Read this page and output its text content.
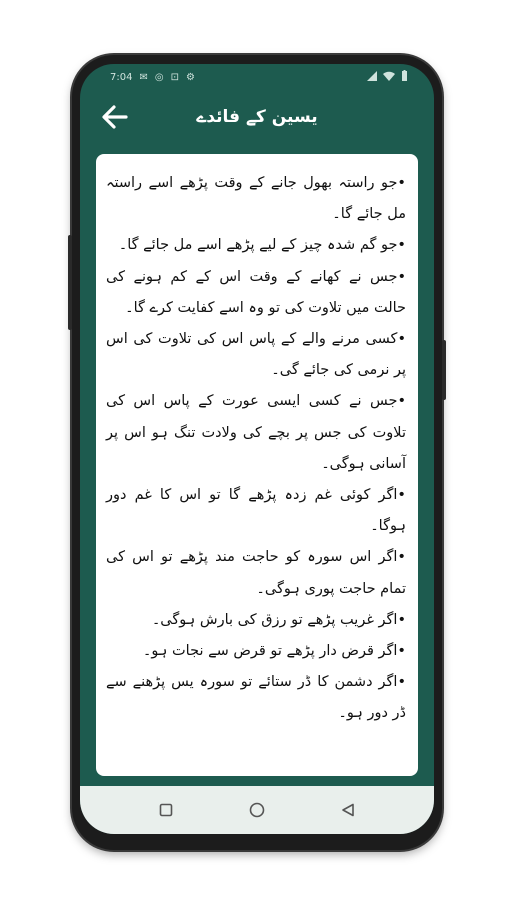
7:04 ✉ ◎ ⊡ ⚙
یسین کے فائدے

•جو راستہ بھول جانے کے وقت پڑھے اسے راستہ مل جائے گا۔

•جو گم شدہ چیز کے لیے پڑھے اسے مل جائے گا۔

•جس نے کھانے کے وقت اس کے کم ہونے کی حالت میں تلاوت کی تو وہ اسے کفایت کرے گا۔

•کسی مرنے والے کے پاس اس کی تلاوت کی اس پر نرمی کی جائے گی۔

•جس نے کسی ایسی عورت کے پاس اس کی تلاوت کی جس پر بچے کی ولادت تنگ ہو اس پر آسانی ہوگی۔

•اگر کوئی غم زدہ پڑھے گا تو اس کا غم دور ہوگا۔

•اگر اس سورہ کو حاجت مند پڑھے تو اس کی تمام حاجت پوری ہوگی۔

•اگر غریب پڑھے تو رزق کی بارش ہوگی۔

•اگر قرض دار پڑھے تو قرض سے نجات ہو۔

•اگر دشمن کا ڈر ستائے تو سورہ یس پڑھنے سے ڈر دور ہو۔
